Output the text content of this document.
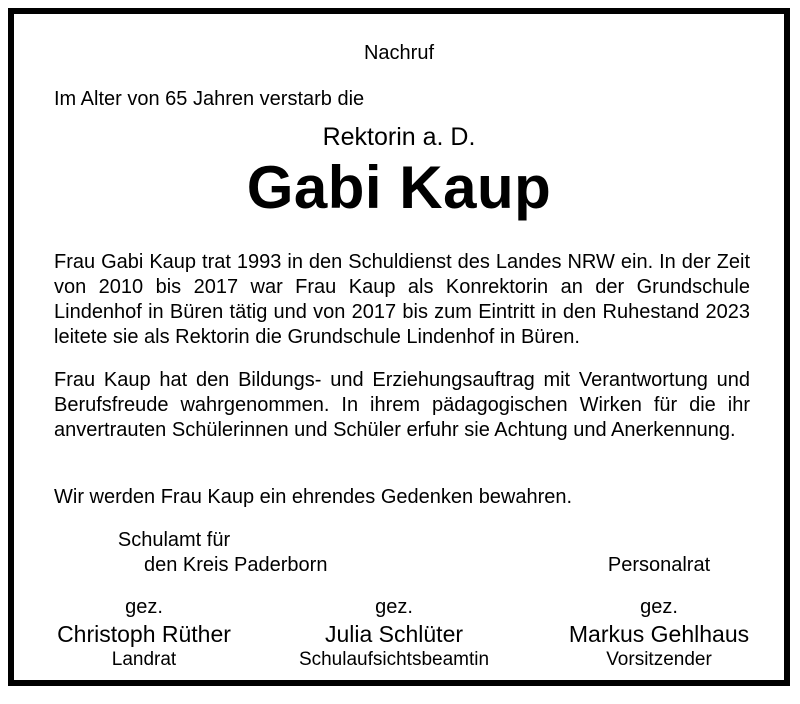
Nachruf
Im Alter von 65 Jahren verstarb die
Rektorin a. D.
Gabi Kaup
Frau Gabi Kaup trat 1993 in den Schuldienst des Landes NRW ein. In der Zeit von 2010 bis 2017 war Frau Kaup als Konrektorin an der Grundschule Lindenhof in Büren tätig und von 2017 bis zum Eintritt in den Ruhestand 2023 leitete sie als Rektorin die Grundschule Lindenhof in Büren.
Frau Kaup hat den Bildungs- und Erziehungsauftrag mit Verantwortung und Berufsfreude wahrgenommen. In ihrem pädagogischen Wirken für die ihr anvertrauten Schülerinnen und Schüler erfuhr sie Achtung und Anerkennung.
Wir werden Frau Kaup ein ehrendes Gedenken bewahren.
Schulamt für
den Kreis Paderborn
gez.
Christoph Rüther
Landrat
gez.
Julia Schlüter
Schulaufsichtsbeamtin
Personalrat
gez.
Markus Gehlhaus
Vorsitzender
